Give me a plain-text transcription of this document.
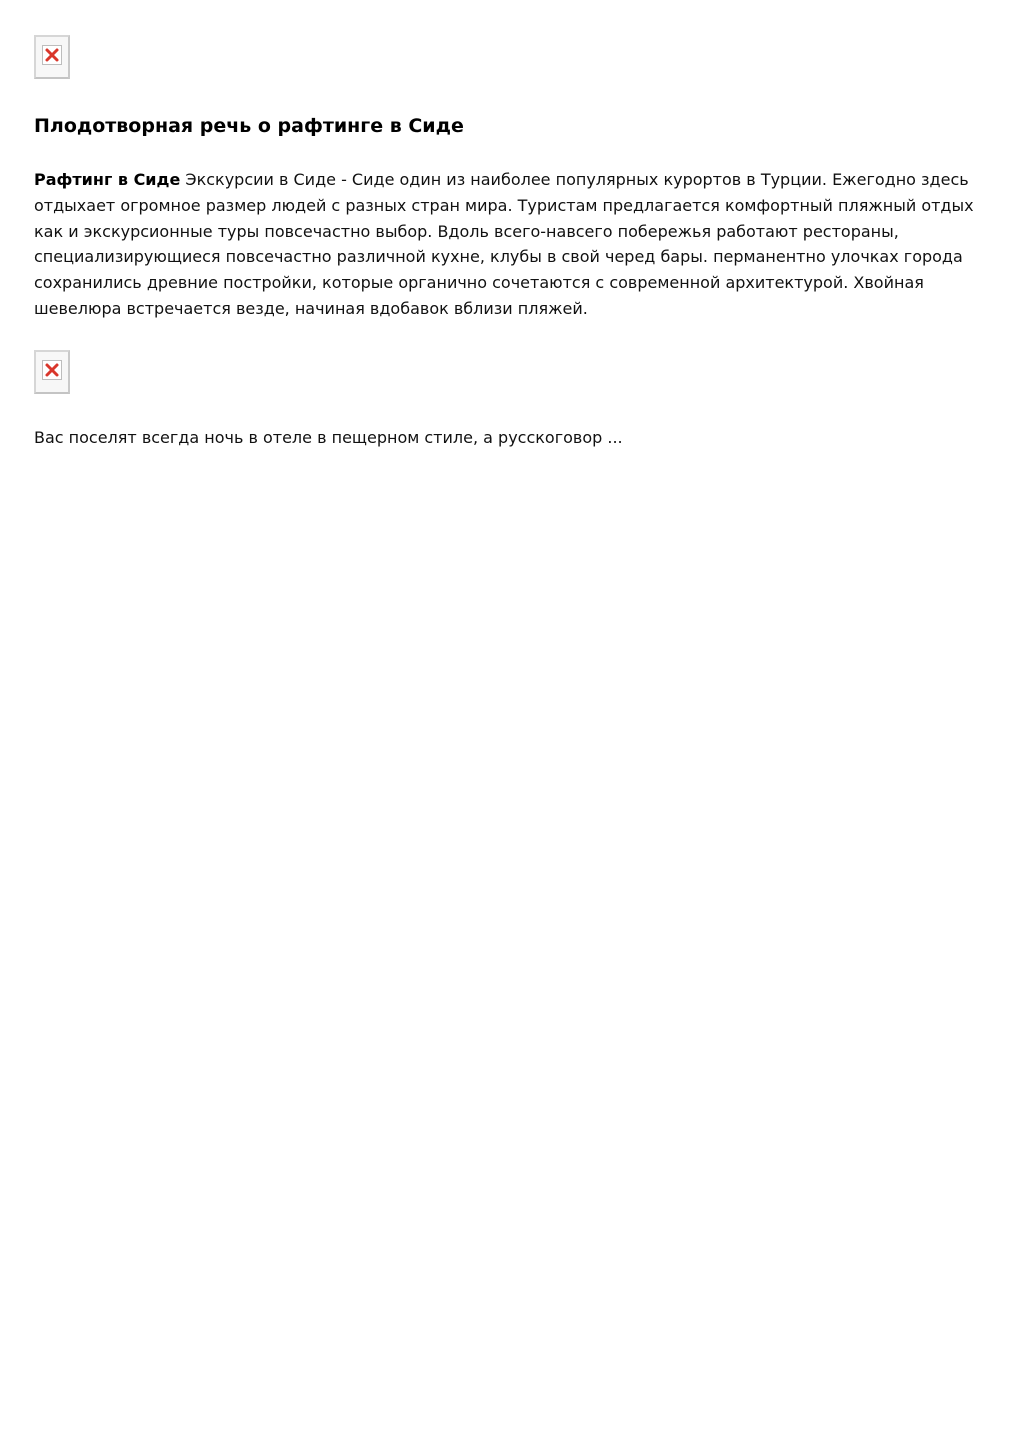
Плодотворная речь о рафтинге в Сиде

Рафтинг в Сиде Экскурсии в Сиде - Сиде один из наиболее популярных курортов в Турции. Ежегодно здесь отдыхает огромное размер людей с разных стран мира. Туристам предлагается комфортный пляжный отдых как и экскурсионные туры повсечастно выбор. Вдоль всего-навсего побережья работают рестораны, специализирующиеся повсечастно различной кухне, клубы в свой черед бары. перманентно улочках города сохранились древние постройки, которые органично сочетаются с современной архитектурой. Хвойная шевелюра встречается везде, начиная вдобавок вблизи пляжей.

Вас поселят всегда ночь в отеле в пещерном стиле, а русскоговор ...
